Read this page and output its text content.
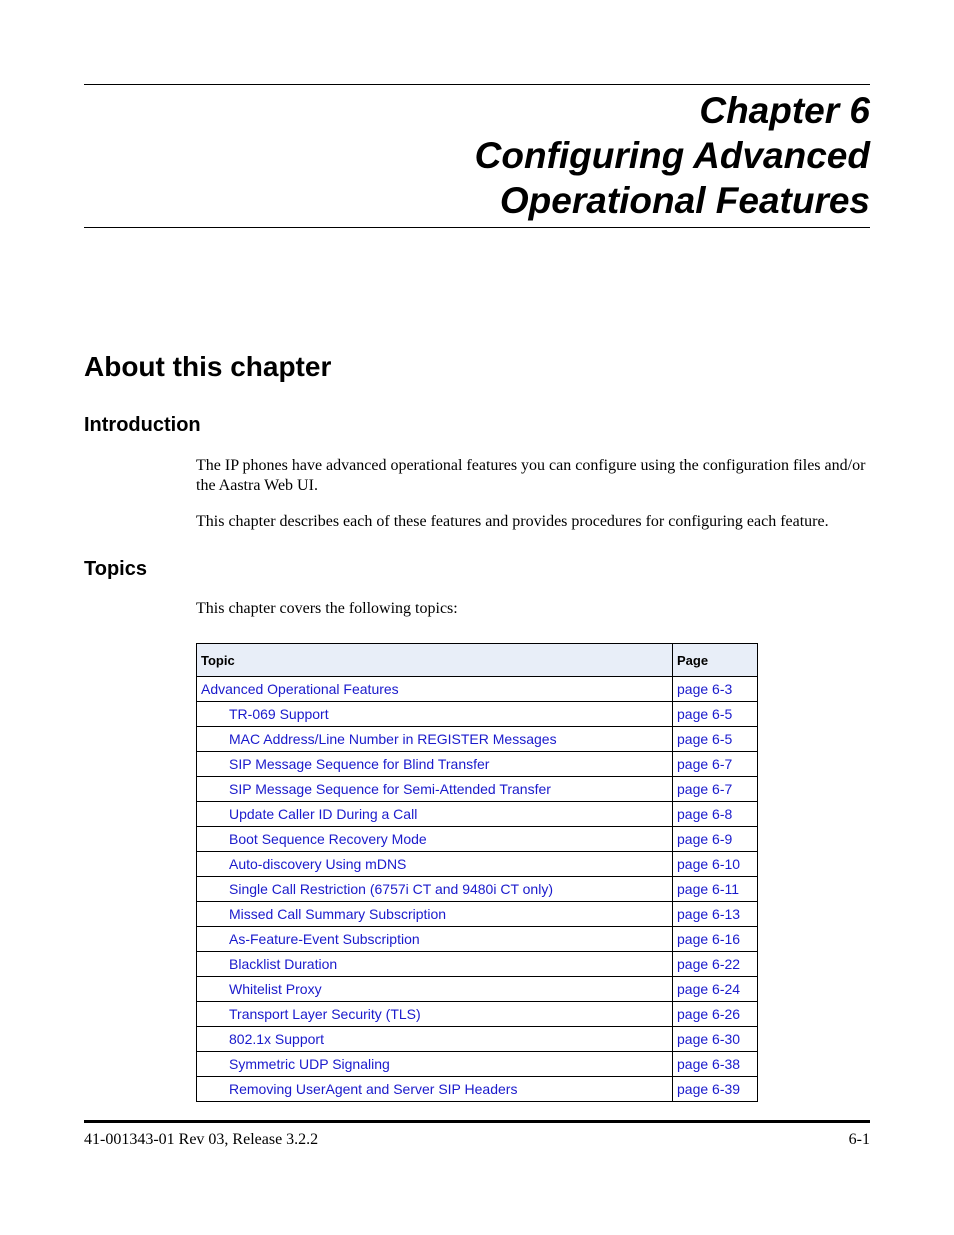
Chapter 6
Configuring Advanced
Operational Features
About this chapter
Introduction
The IP phones have advanced operational features you can configure using the configuration files and/or the Aastra Web UI.
This chapter describes each of these features and provides procedures for configuring each feature.
Topics
This chapter covers the following topics:
Topic	Page
Advanced Operational Features	page 6-3
TR-069 Support	page 6-5
MAC Address/Line Number in REGISTER Messages	page 6-5
SIP Message Sequence for Blind Transfer	page 6-7
SIP Message Sequence for Semi-Attended Transfer	page 6-7
Update Caller ID During a Call	page 6-8
Boot Sequence Recovery Mode	page 6-9
Auto-discovery Using mDNS	page 6-10
Single Call Restriction (6757i CT and 9480i CT only)	page 6-11
Missed Call Summary Subscription	page 6-13
As-Feature-Event Subscription	page 6-16
Blacklist Duration	page 6-22
Whitelist Proxy	page 6-24
Transport Layer Security (TLS)	page 6-26
802.1x Support	page 6-30
Symmetric UDP Signaling	page 6-38
Removing UserAgent and Server SIP Headers	page 6-39
41-001343-01 Rev 03, Release 3.2.2	6-1
